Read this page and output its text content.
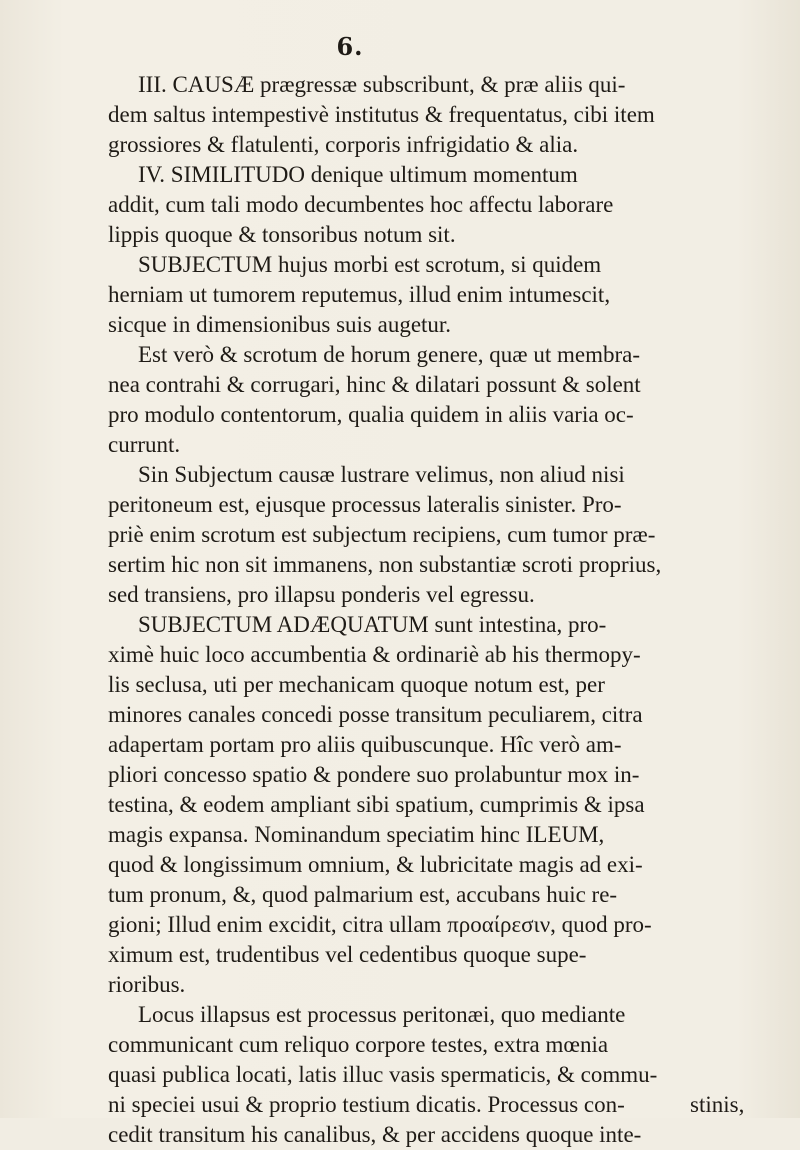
6.
III. CAUSÆ prægressæ subscribunt, & præ aliis qui-
dem saltus intempestivè institutus & frequentatus, cibi item
grossiores & flatulenti, corporis infrigidatio & alia.
IV. SIMILITUDO denique ultimum momentum
addit, cum tali modo decumbentes hoc affectu laborare
lippis quoque & tonsoribus notum sit.
SUBJECTUM hujus morbi est scrotum, si quidem
herniam ut tumorem reputemus, illud enim intumescit,
sicque in dimensionibus suis augetur.
Est verò & scrotum de horum genere, quæ ut membra-
nea contrahi & corrugari, hinc & dilatari possunt & solent
pro modulo contentorum, qualia quidem in aliis varia oc-
currunt.
Sin Subjectum causæ lustrare velimus, non aliud nisi
peritoneum est, ejusque processus lateralis sinister. Pro-
priè enim scrotum est subjectum recipiens, cum tumor præ-
sertim hic non sit immanens, non substantiæ scroti proprius,
sed transiens, pro illapsu ponderis vel egressu.
SUBJECTUM ADÆQUATUM sunt intestina, pro-
ximè huic loco accumbentia & ordinariè ab his thermopy-
lis seclusa, uti per mechanicam quoque notum est, per
minores canales concedi posse transitum peculiarem, citra
adapertam portam pro aliis quibuscunque. Hîc verò am-
pliori concesso spatio & pondere suo prolabuntur mox in-
testina, & eodem ampliant sibi spatium, cumprimis & ipsa
magis expansa. Nominandum speciatim hinc ILEUM,
quod & longissimum omnium, & lubricitate magis ad exi-
tum pronum, &, quod palmarium est, accubans huic re-
gioni; Illud enim excidit, citra ullam πρoαίρεσιν, quod pro-
ximum est, trudentibus vel cedentibus quoque supe-
rioribus.
Locus illapsus est processus peritonæi, quo mediante
communicant cum reliquo corpore testes, extra mœnia
quasi publica locati, latis illuc vasis spermaticis, & commu-
ni speciei usui & proprio testium dicatis. Processus con-
cedit transitum his canalibus, & per accidens quoque inte-
stinis,
